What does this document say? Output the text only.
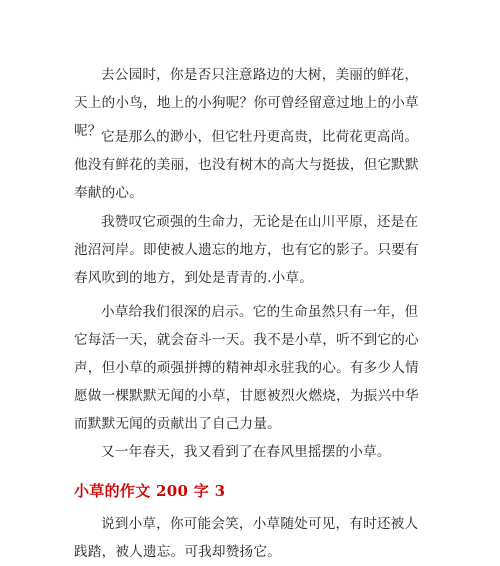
去公园时，你是否只注意路边的大树，美丽的鲜花，天上的小鸟，地上的小狗呢？你可曾经留意过地上的小草呢？ 它是那么的渺小，但它牡丹更高贵，比荷花更高尚。他没有鲜花的美丽，也没有树木的高大与挺拔，但它默默奉献的心。

我赞叹它顽强的生命力，无论是在山川平原，还是在池沼河岸。即使被人遗忘的地方，也有它的影子。只要有春风吹到的地方，到处是青青的.小草。

小草给我们很深的启示。它的生命虽然只有一年，但它每活一天，就会奋斗一天。我不是小草，听不到它的心声，但小草的顽强拼搏的精神却永驻我的心。有多少人情愿做一棵默默无闻的小草，甘愿被烈火燃烧，为振兴中华而默默无闻的贡献出了自己力量。

又一年春天，我又看到了在春风里摇摆的小草。

小草的作文 200 字 3

说到小草，你可能会笑，小草随处可见，有时还被人践踏，被人遗忘。可我却赞扬它。
